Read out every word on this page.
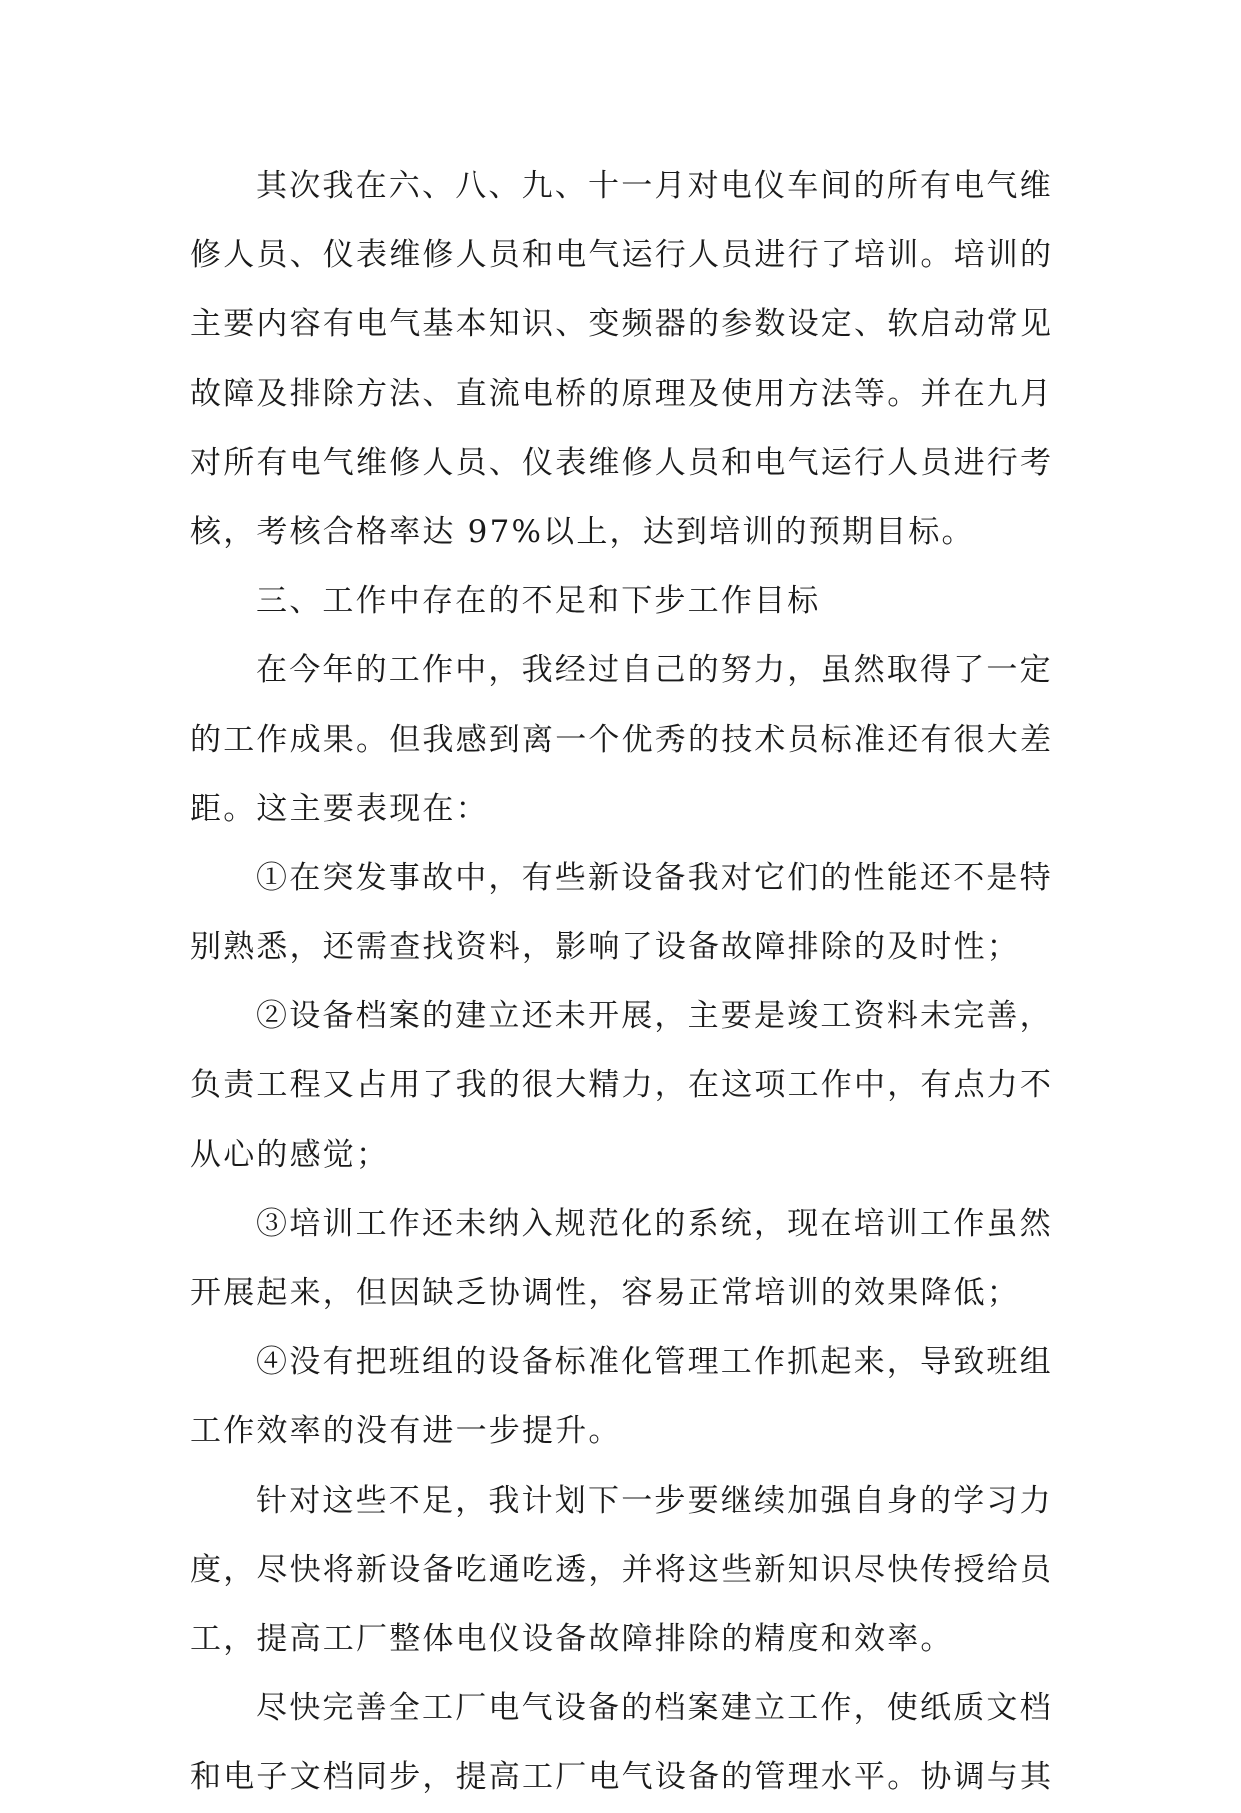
其次我在六、八、九、十一月对电仪车间的所有电气维
修人员、仪表维修人员和电气运行人员进行了培训。培训的
主要内容有电气基本知识、变频器的参数设定、软启动常见
故障及排除方法、直流电桥的原理及使用方法等。并在九月
对所有电气维修人员、仪表维修人员和电气运行人员进行考
核，考核合格率达 97%以上，达到培训的预期目标。
三、工作中存在的不足和下步工作目标
在今年的工作中，我经过自己的努力，虽然取得了一定
的工作成果。但我感到离一个优秀的技术员标准还有很大差
距。这主要表现在：
①在突发事故中，有些新设备我对它们的性能还不是特
别熟悉，还需查找资料，影响了设备故障排除的及时性；
②设备档案的建立还未开展，主要是竣工资料未完善，
负责工程又占用了我的很大精力，在这项工作中，有点力不
从心的感觉；
③培训工作还未纳入规范化的系统，现在培训工作虽然
开展起来，但因缺乏协调性，容易正常培训的效果降低；
④没有把班组的设备标准化管理工作抓起来，导致班组
工作效率的没有进一步提升。
针对这些不足，我计划下一步要继续加强自身的学习力
度，尽快将新设备吃通吃透，并将这些新知识尽快传授给员
工，提高工厂整体电仪设备故障排除的精度和效率。
尽快完善全工厂电气设备的档案建立工作，使纸质文档
和电子文档同步，提高工厂电气设备的管理水平。协调与其
